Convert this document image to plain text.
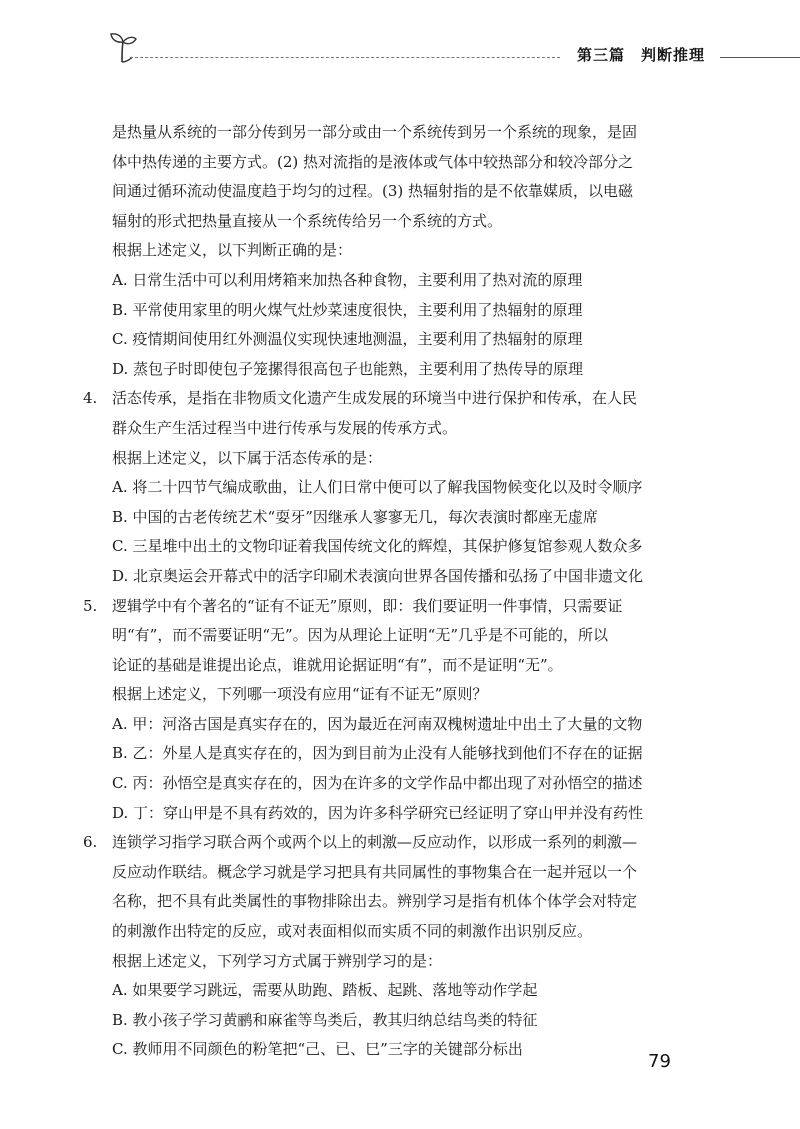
第三篇 判断推理
是热量从系统的一部分传到另一部分或由一个系统传到另一个系统的现象，是固
体中热传递的主要方式。(2) 热对流指的是液体或气体中较热部分和较冷部分之
间通过循环流动使温度趋于均匀的过程。(3) 热辐射指的是不依靠媒质，以电磁
辐射的形式把热量直接从一个系统传给另一个系统的方式。
根据上述定义，以下判断正确的是：
A. 日常生活中可以利用烤箱来加热各种食物，主要利用了热对流的原理
B. 平常使用家里的明火煤气灶炒菜速度很快，主要利用了热辐射的原理
C. 疫情期间使用红外测温仪实现快速地测温，主要利用了热辐射的原理
D. 蒸包子时即使包子笼摞得很高包子也能熟，主要利用了热传导的原理
4. 活态传承，是指在非物质文化遗产生成发展的环境当中进行保护和传承，在人民
群众生产生活过程当中进行传承与发展的传承方式。
根据上述定义，以下属于活态传承的是：
A. 将二十四节气编成歌曲，让人们日常中便可以了解我国物候变化以及时令顺序
B. 中国的古老传统艺术“耍牙”因继承人寥寥无几，每次表演时都座无虚席
C. 三星堆中出土的文物印证着我国传统文化的辉煌，其保护修复馆参观人数众多
D. 北京奥运会开幕式中的活字印刷术表演向世界各国传播和弘扬了中国非遗文化
5. 逻辑学中有个著名的“证有不证无”原则，即：我们要证明一件事情，只需要证
明“有”，而不需要证明“无”。因为从理论上证明“无”几乎是不可能的，所以
论证的基础是谁提出论点，谁就用论据证明“有”，而不是证明“无”。
根据上述定义，下列哪一项没有应用“证有不证无”原则？
A. 甲：河洛古国是真实存在的，因为最近在河南双槐树遗址中出土了大量的文物
B. 乙：外星人是真实存在的，因为到目前为止没有人能够找到他们不存在的证据
C. 丙：孙悟空是真实存在的，因为在许多的文学作品中都出现了对孙悟空的描述
D. 丁：穿山甲是不具有药效的，因为许多科学研究已经证明了穿山甲并没有药性
6. 连锁学习指学习联合两个或两个以上的刺激—反应动作，以形成一系列的刺激—
反应动作联结。概念学习就是学习把具有共同属性的事物集合在一起并冠以一个
名称，把不具有此类属性的事物排除出去。辨别学习是指有机体个体学会对特定
的刺激作出特定的反应，或对表面相似而实质不同的刺激作出识别反应。
根据上述定义，下列学习方式属于辨别学习的是：
A. 如果要学习跳远，需要从助跑、踏板、起跳、落地等动作学起
B. 教小孩子学习黄鹂和麻雀等鸟类后，教其归纳总结鸟类的特征
C. 教师用不同颜色的粉笔把“己、已、巳”三字的关键部分标出
79
